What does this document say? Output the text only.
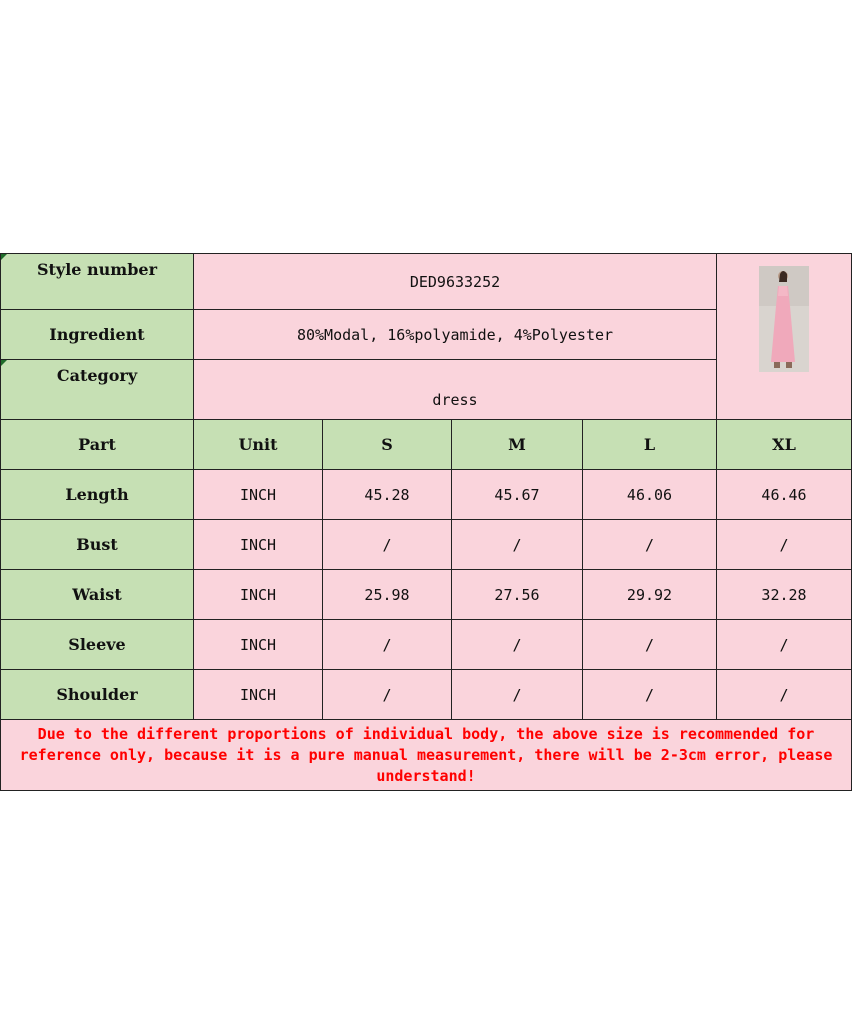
Style number	DED9633252	

Ingredient	80%Modal, 16%polyamide, 4%Polyester				
Category	dress				
Part	Unit	S	M	L	XL
Length	INCH	45.28	45.67	46.06	46.46
Bust	INCH	/	/	/	/
Waist	INCH	25.98	27.56	29.92	32.28
Sleeve	INCH	/	/	/	/
Shoulder	INCH	/	/	/	/
Due to the different proportions of individual body, the above size is recommended for reference only, because it is a pure manual measurement, there will be 2-3cm error, please understand!					
